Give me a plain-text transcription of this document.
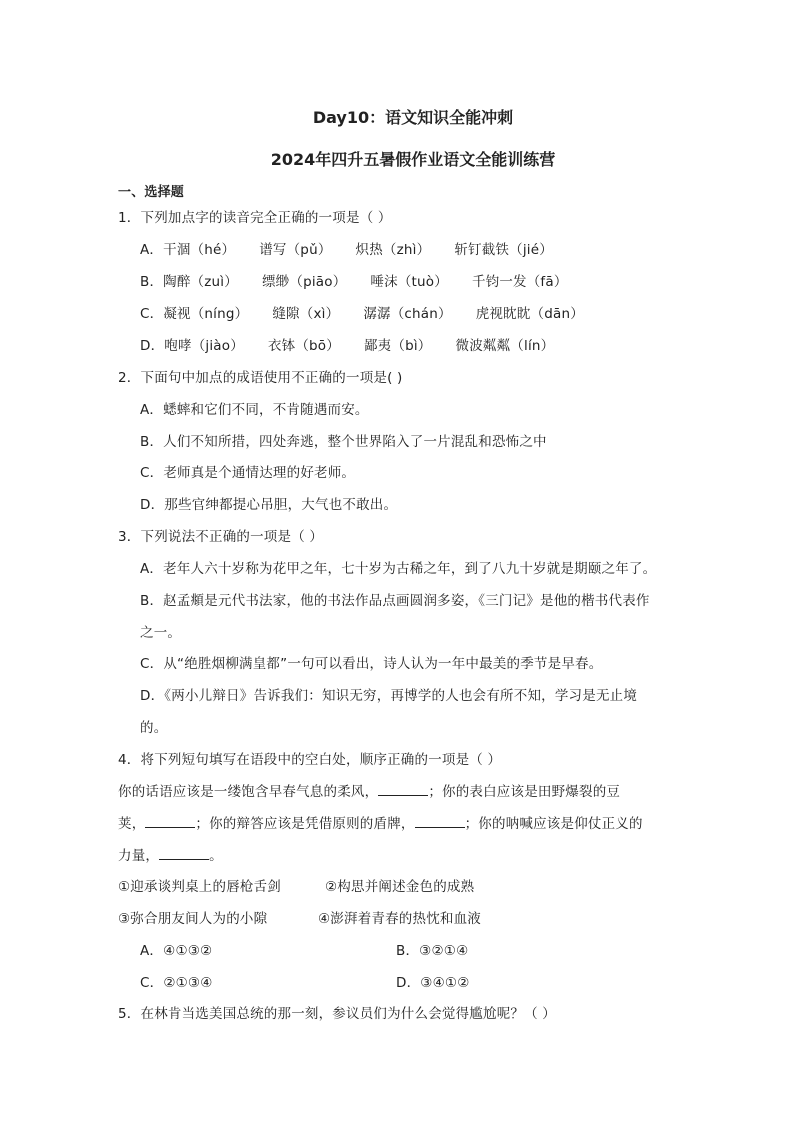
Day10：语文知识全能冲刺
2024年四升五暑假作业语文全能训练营
一、选择题
1．下列加点字的读音完全正确的一项是（ ）
A．干涸（hé） 谱写（pǔ） 炽热（zhì） 斩钉截铁（jié）
B．陶醉（zuì） 缥缈（piāo） 唾沫（tuò） 千钧一发（fā）
C．凝视（níng） 缝隙（xì） 潺潺（chán） 虎视眈眈（dān）
D．咆哮（jiào） 衣钵（bō） 鄙夷（bì） 微波粼粼（lín）
2．下面句中加点的成语使用不正确的一项是( )
A．蟋蟀和它们不同，不肯随遇而安。
B．人们不知所措，四处奔逃，整个世界陷入了一片混乱和恐怖之中
C．老师真是个通情达理的好老师。
D．那些官绅都提心吊胆，大气也不敢出。
3．下列说法不正确的一项是（ ）
A．老年人六十岁称为花甲之年，七十岁为古稀之年，到了八九十岁就是期颐之年了。
B．赵孟頫是元代书法家，他的书法作品点画圆润多姿，《三门记》是他的楷书代表作
之一。
C．从“绝胜烟柳满皇都”一句可以看出，诗人认为一年中最美的季节是早春。
D．《两小儿辩日》告诉我们：知识无穷，再博学的人也会有所不知，学习是无止境
的。
4．将下列短句填写在语段中的空白处，顺序正确的一项是（ ）
你的话语应该是一缕饱含早春气息的柔风，	；你的表白应该是田野爆裂的豆
荚，	；你的辩答应该是凭借原则的盾牌，	；你的呐喊应该是仰仗正义的
力量，	。
①迎承谈判桌上的唇枪舌剑	②构思并阐述金色的成熟
③弥合朋友间人为的小隙	④澎湃着青春的热忱和血液
A．④①③②	B．③②①④
C．②①③④	D．③④①②
5．在林肯当选美国总统的那一刻，参议员们为什么会觉得尴尬呢？（ ）
